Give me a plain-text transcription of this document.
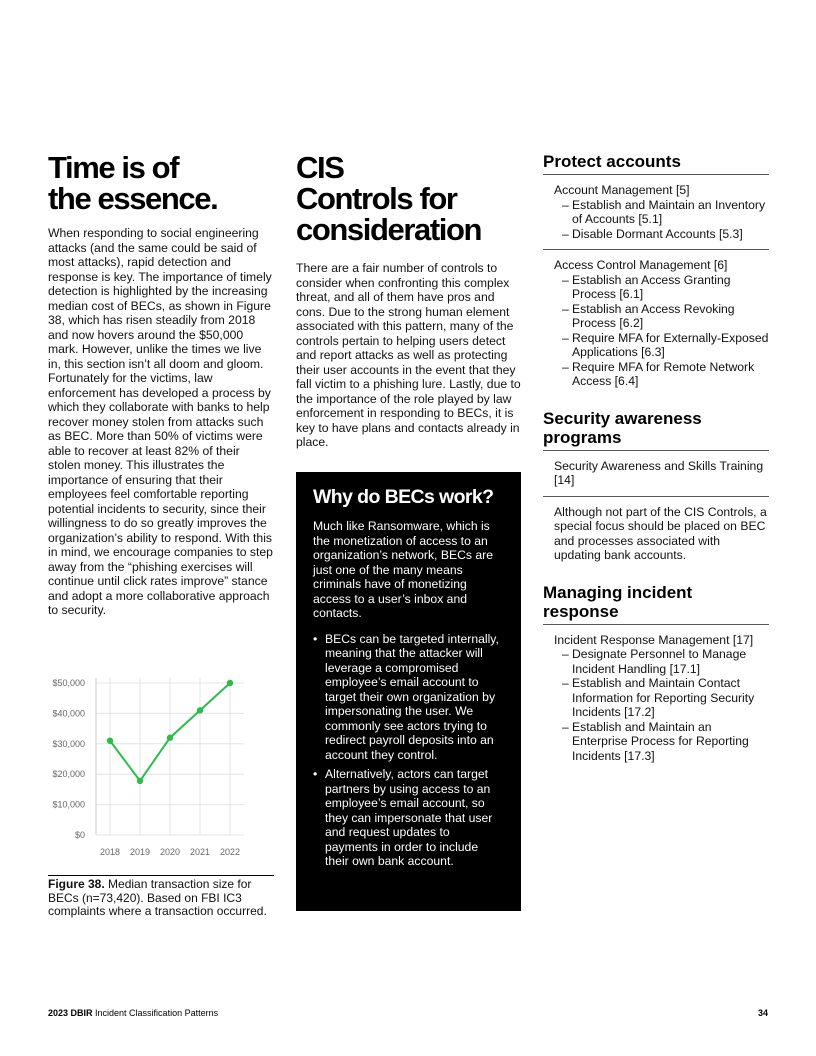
Time is of
the essence.

When responding to social engineering attacks (and the same could be said of most attacks), rapid detection and response is key. The importance of timely detection is highlighted by the increasing median cost of BECs, as shown in Figure 38, which has risen steadily from 2018 and now hovers around the $50,000 mark. However, unlike the times we live in, this section isn’t all doom and gloom. Fortunately for the victims, law enforcement has developed a process by which they collaborate with banks to help recover money stolen from attacks such as BEC. More than 50% of victims were able to recover at least 82% of their stolen money. This illustrates the importance of ensuring that their employees feel comfortable reporting potential incidents to security, since their willingness to do so greatly improves the organization’s ability to respond. With this in mind, we encourage companies to step away from the “phishing exercises will continue until click rates improve” stance and adopt a more collaborative approach to security.

$0
$10,000
$20,000
$30,000
$40,000
$50,000
2018 2019 2020 2021 2022
Figure 38. Median transaction size for BECs (n=73,420). Based on FBI IC3 complaints where a transaction occurred.
CIS
Controls for
consideration

There are a fair number of controls to consider when confronting this complex threat, and all of them have pros and cons. Due to the strong human element associated with this pattern, many of the controls pertain to helping users detect and report attacks as well as protecting their user accounts in the event that they fall victim to a phishing lure. Lastly, due to the importance of the role played by law enforcement in responding to BECs, it is key to have plans and contacts already in place.

Why do BECs work?

Much like Ransomware, which is the monetization of access to an organization’s network, BECs are just one of the many means criminals have of monetizing access to a user’s inbox and contacts.

• BECs can be targeted internally, meaning that the attacker will leverage a compromised employee’s email account to target their own organization by impersonating the user. We commonly see actors trying to redirect payroll deposits into an account they control.
• Alternatively, actors can target partners by using access to an employee’s email account, so they can impersonate that user and request updates to payments in order to include their own bank account.
Protect accounts
Account Management [5]
– Establish and Maintain an Inventory of Accounts [5.1]
– Disable Dormant Accounts [5.3]
Access Control Management [6]
– Establish an Access Granting Process [6.1]
– Establish an Access Revoking Process [6.2]
– Require MFA for Externally-Exposed Applications [6.3]
– Require MFA for Remote Network Access [6.4]
Security awareness programs
Security Awareness and Skills Training [14]
Although not part of the CIS Controls, a special focus should be placed on BEC and processes associated with updating bank accounts.
Managing incident response
Incident Response Management [17]
– Designate Personnel to Manage Incident Handling [17.1]
– Establish and Maintain Contact Information for Reporting Security Incidents [17.2]
– Establish and Maintain an Enterprise Process for Reporting Incidents [17.3]
2023 DBIR Incident Classification Patterns	34
